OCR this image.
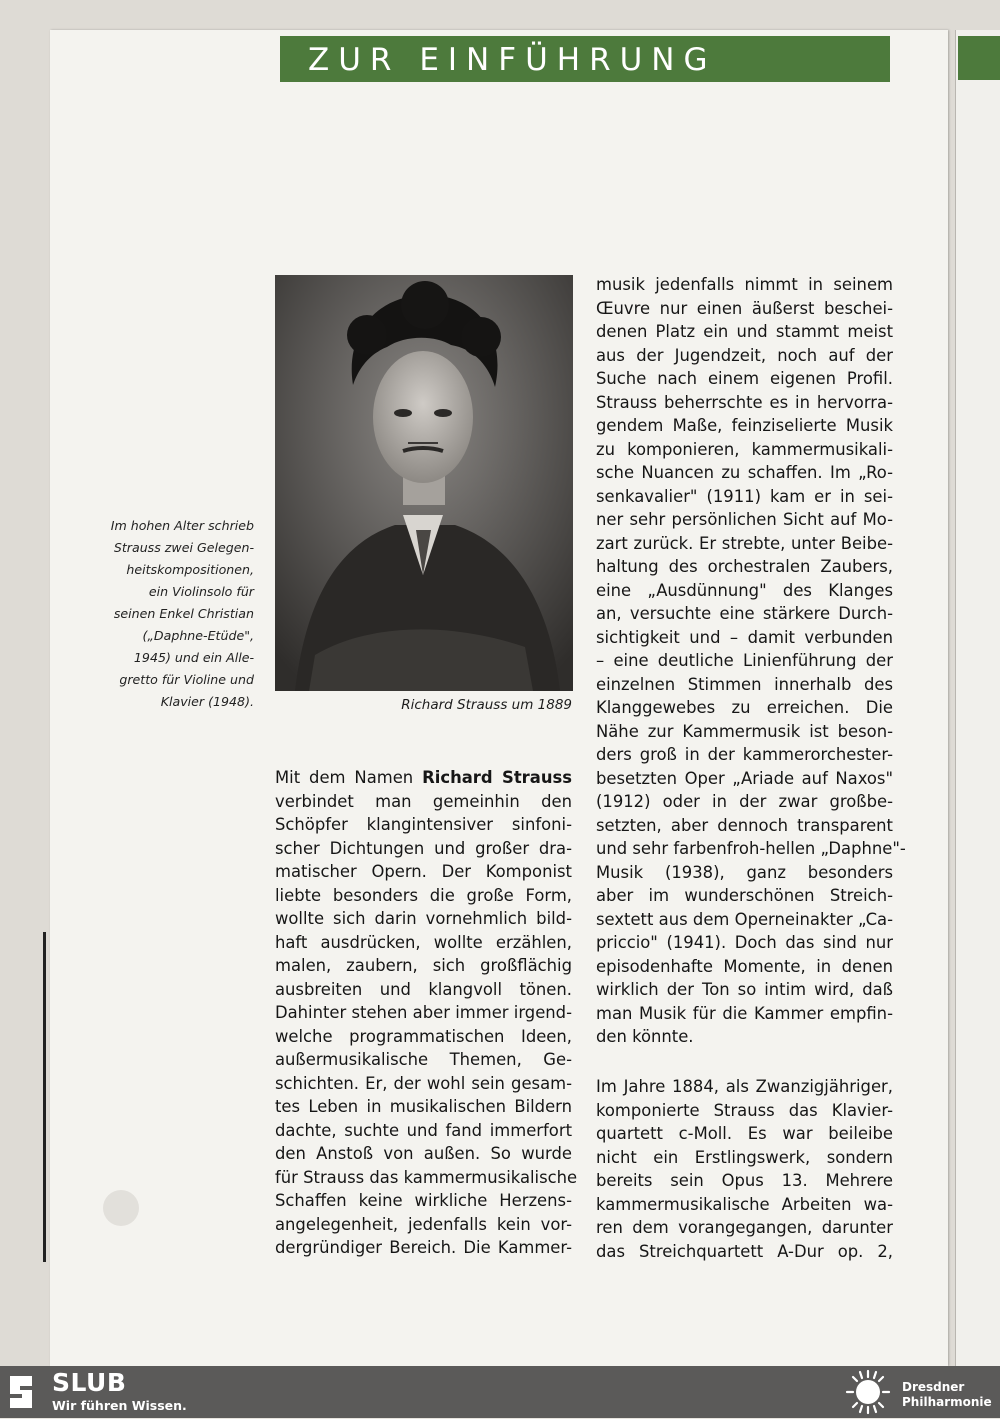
ZUR EINFÜHRUNG
Richard Strauss um 1889
Im hohen Alter schrieb
Strauss zwei Gelegen-
heitskompositionen,
ein Violinsolo für
seinen Enkel Christian
(„Daphne-Etüde",
1945) und ein Alle-
gretto für Violine und
Klavier (1948).
Mit dem Namen Richard Strauss
verbindet man gemeinhin den
Schöpfer klangintensiver sinfoni-
scher Dichtungen und großer dra-
matischer Opern. Der Komponist
liebte besonders die große Form,
wollte sich darin vornehmlich bild-
haft ausdrücken, wollte erzählen,
malen, zaubern, sich großflächig
ausbreiten und klangvoll tönen.
Dahinter stehen aber immer irgend-
welche programmatischen Ideen,
außermusikalische Themen, Ge-
schichten. Er, der wohl sein gesam-
tes Leben in musikalischen Bildern
dachte, suchte und fand immerfort
den Anstoß von außen. So wurde
für Strauss das kammermusikalische
Schaffen keine wirkliche Herzens-
angelegenheit, jedenfalls kein vor-
dergründiger Bereich. Die Kammer-
musik jedenfalls nimmt in seinem
Œuvre nur einen äußerst beschei-
denen Platz ein und stammt meist
aus der Jugendzeit, noch auf der
Suche nach einem eigenen Profil.
Strauss beherrschte es in hervorra-
gendem Maße, feinziselierte Musik
zu komponieren, kammermusikali-
sche Nuancen zu schaffen. Im „Ro-
senkavalier" (1911) kam er in sei-
ner sehr persönlichen Sicht auf Mo-
zart zurück. Er strebte, unter Beibe-
haltung des orchestralen Zaubers,
eine „Ausdünnung" des Klanges
an, versuchte eine stärkere Durch-
sichtigkeit und – damit verbunden
– eine deutliche Linienführung der
einzelnen Stimmen innerhalb des
Klanggewebes zu erreichen. Die
Nähe zur Kammermusik ist beson-
ders groß in der kammerorchester-
besetzten Oper „Ariade auf Naxos"
(1912) oder in der zwar großbe-
setzten, aber dennoch transparent
und sehr farbenfroh-hellen „Daphne"-
Musik (1938), ganz besonders
aber im wunderschönen Streich-
sextett aus dem Operneinakter „Ca-
priccio" (1941). Doch das sind nur
episodenhafte Momente, in denen
wirklich der Ton so intim wird, daß
man Musik für die Kammer empfin-
den könnte.
Im Jahre 1884, als Zwanzigjähriger,
komponierte Strauss das Klavier-
quartett c-Moll. Es war beileibe
nicht ein Erstlingswerk, sondern
bereits sein Opus 13. Mehrere
kammermusikalische Arbeiten wa-
ren dem vorangegangen, darunter
das Streichquartett A-Dur op. 2,
SLUB
Wir führen Wissen.
Dresdner
Philharmonie
